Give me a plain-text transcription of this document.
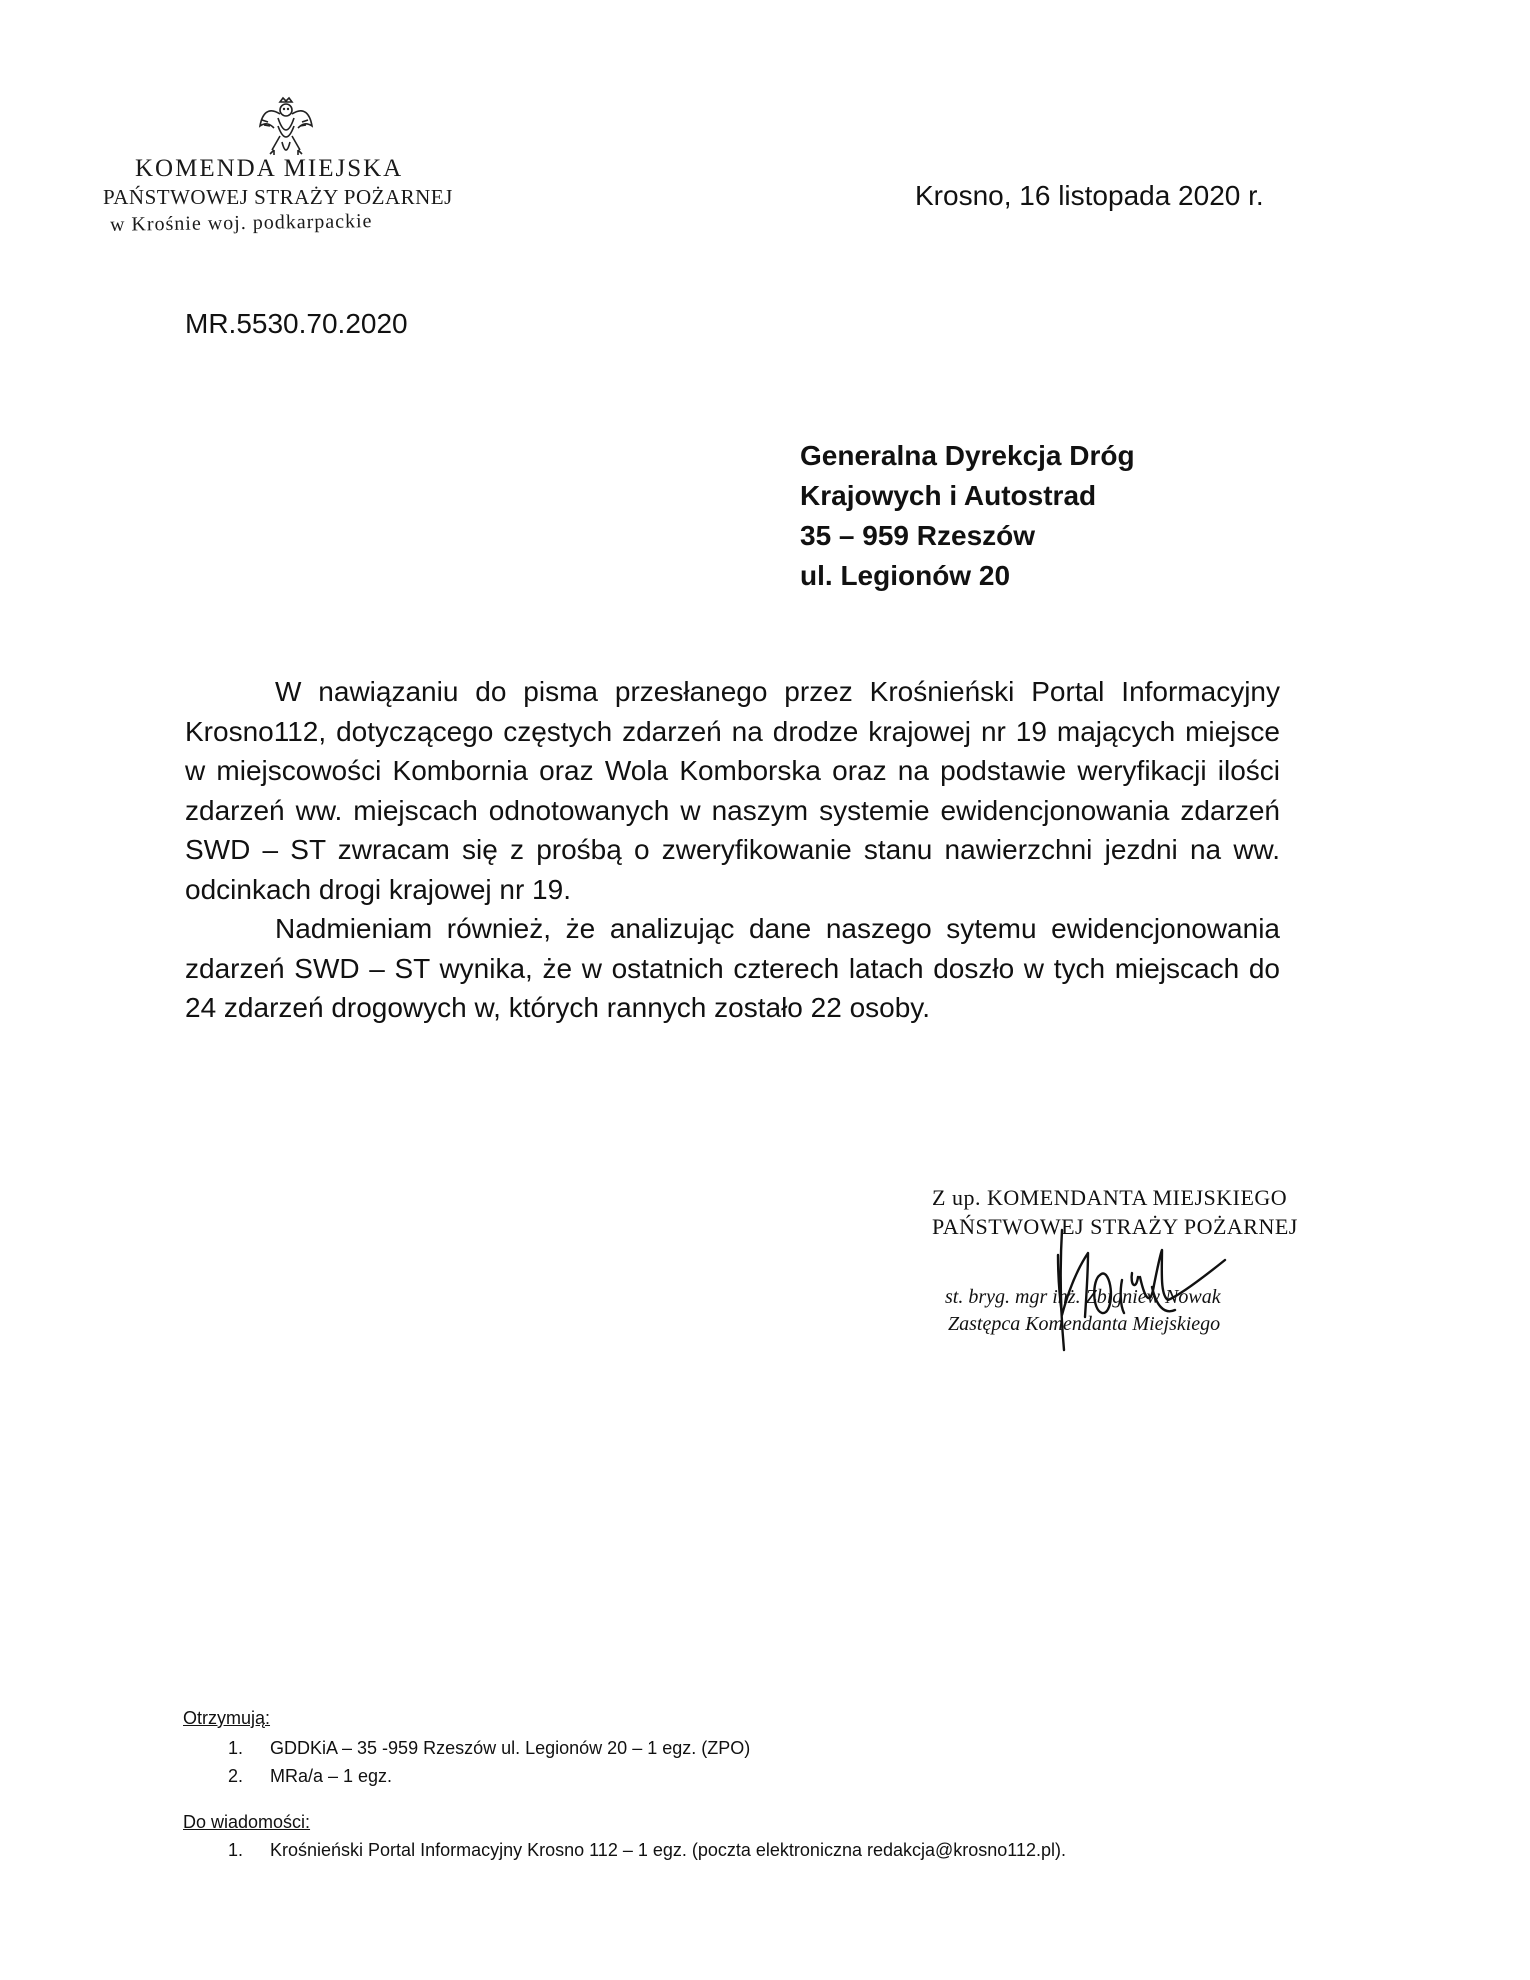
KOMENDA MIEJSKA
PAŃSTWOWEJ STRAŻY POŻARNEJ
w Krośnie woj. podkarpackie
Krosno, 16 listopada 2020 r.
MR.5530.70.2020
Generalna Dyrekcja Dróg
Krajowych i Autostrad
35 – 959 Rzeszów
ul. Legionów 20

W nawiązaniu do pisma przesłanego przez Krośnieński Portal Informacyjny Krosno112, dotyczącego częstych zdarzeń na drodze krajowej nr 19 mających miejsce w miejscowości Kombornia oraz Wola Komborska oraz na podstawie weryfikacji ilości zdarzeń ww. miejscach odnotowanych w naszym systemie ewidencjonowania zdarzeń SWD – ST zwracam się z prośbą o zweryfikowanie stanu nawierzchni jezdni na ww. odcinkach drogi krajowej nr 19.

Nadmieniam również, że analizując dane naszego sytemu ewidencjonowania zdarzeń SWD – ST wynika, że w ostatnich czterech latach doszło w tych miejscach do 24 zdarzeń drogowych w, których rannych zostało 22 osoby.

Z up. KOMENDANTA MIEJSKIEGO
PAŃSTWOWEJ STRAŻY POŻARNEJ
st. bryg. mgr inż. Zbigniew Nowak
Zastępca Komendanta Miejskiego
Otrzymują:
1. GDDKiA – 35 -959 Rzeszów ul. Legionów 20 – 1 egz. (ZPO)
2. MRa/a – 1 egz.
Do wiadomości:
1. Krośnieński Portal Informacyjny Krosno 112 – 1 egz. (poczta elektroniczna redakcja@krosno112.pl).
